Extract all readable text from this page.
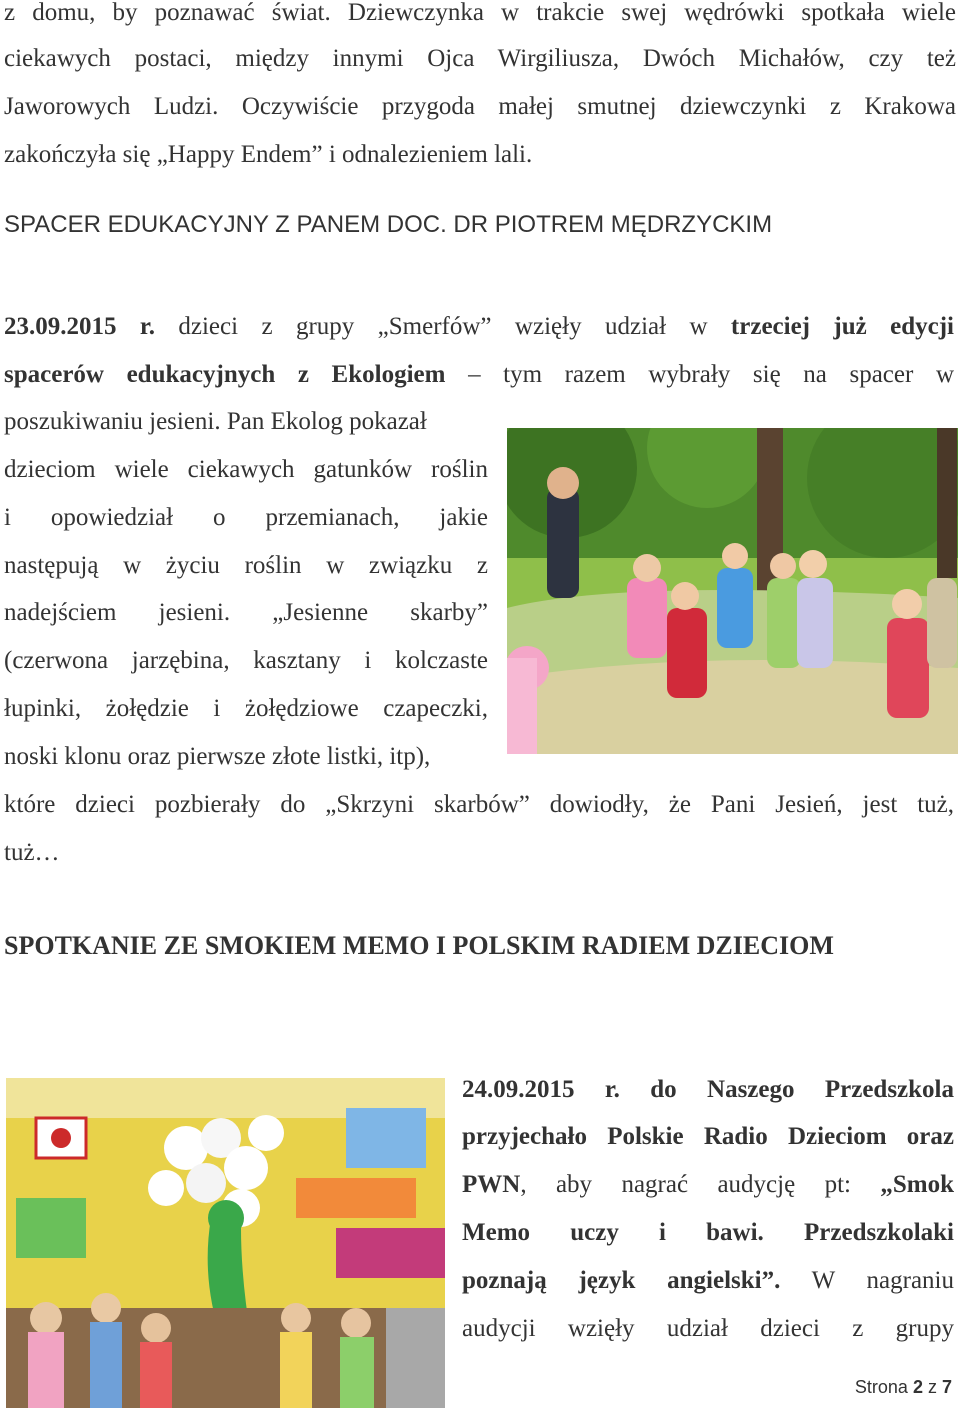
z domu, by poznawać świat. Dziewczynka w trakcie swej wędrówki spotkała wiele
ciekawych postaci, między innymi Ojca Wirgiliusza, Dwóch Michałów, czy też
Jaworowych Ludzi. Oczywiście przygoda małej smutnej dziewczynki z Krakowa
zakończyła się „Happy Endem” i odnalezieniem lali.
SPACER EDUKACYJNY Z PANEM DOC. DR PIOTREM MĘDRZYCKIM
23.09.2015 r. dzieci z grupy „Smerfów” wzięły udział w trzeciej już edycji
spacerów edukacyjnych z Ekologiem – tym razem wybrały się na spacer w
poszukiwaniu jesieni. Pan Ekolog pokazał
dzieciom wiele ciekawych gatunków roślin
i opowiedział o przemianach, jakie
następują w życiu roślin w związku z
nadejściem jesieni. „Jesienne skarby”
(czerwona jarzębina, kasztany i kolczaste
łupinki, żołędzie i żołędziowe czapeczki,
noski klonu oraz pierwsze złote listki, itp),
które dzieci pozbierały do „Skrzyni skarbów” dowiodły, że Pani Jesień, jest tuż,
tuż…
SPOTKANIE ZE SMOKIEM MEMO I POLSKIM RADIEM DZIECIOM
24.09.2015 r. do Naszego Przedszkola
przyjechało Polskie Radio Dzieciom oraz
PWN, aby nagrać audycję pt: „Smok
Memo uczy i bawi. Przedszkolaki
poznają język angielski”. W nagraniu
audycji wzięły udział dzieci z grupy
Strona 2 z 7
